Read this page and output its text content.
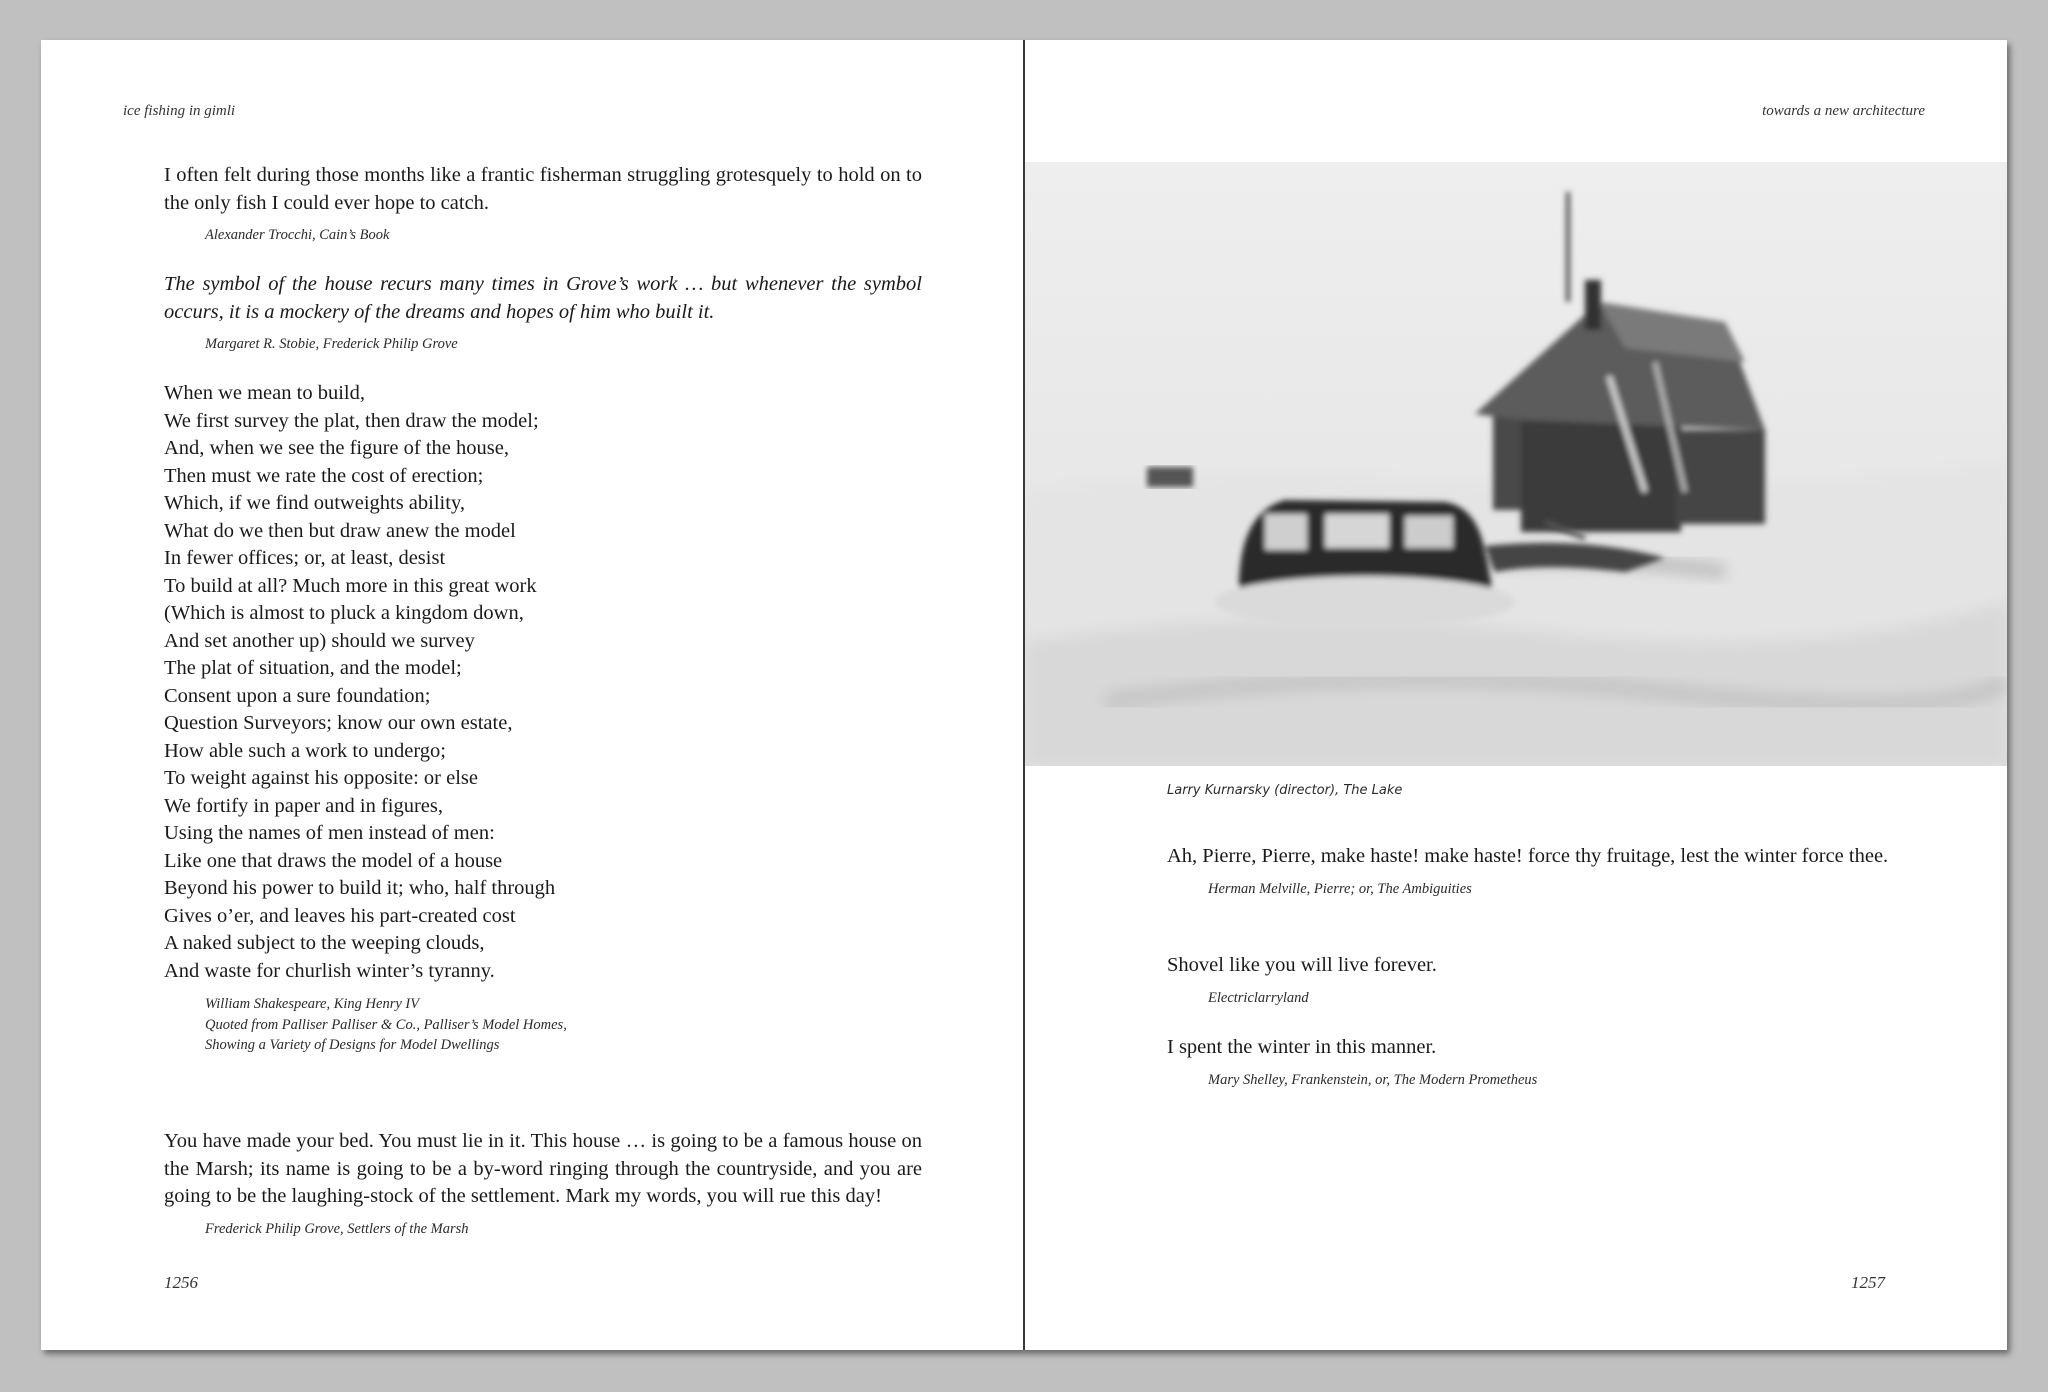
ice fishing in gimli

I often felt during those months like a frantic fisherman struggling grotesquely to hold on to the only fish I could ever hope to catch.

Alexander Trocchi, Cain’s Book

The symbol of the house recurs many times in Grove’s work … but whenever the symbol occurs, it is a mockery of the dreams and hopes of him who built it.

Margaret R. Stobie, Frederick Philip Grove
When we mean to build,
We first survey the plat, then draw the model;
And, when we see the figure of the house,
Then must we rate the cost of erection;
Which, if we find outweights ability,
What do we then but draw anew the model
In fewer offices; or, at least, desist
To build at all? Much more in this great work
(Which is almost to pluck a kingdom down,
And set another up) should we survey
The plat of situation, and the model;
Consent upon a sure foundation;
Question Surveyors; know our own estate,
How able such a work to undergo;
To weight against his opposite: or else
We fortify in paper and in figures,
Using the names of men instead of men:
Like one that draws the model of a house
Beyond his power to build it; who, half through
Gives o’er, and leaves his part-created cost
A naked subject to the weeping clouds,
And waste for churlish winter’s tyranny.
William Shakespeare, King Henry IV
Quoted from Palliser Palliser & Co., Palliser’s Model Homes,
Showing a Variety of Designs for Model Dwellings

You have made your bed. You must lie in it. This house … is going to be a famous house on the Marsh; its name is going to be a by-word ringing through the countryside, and you are going to be the laughing-stock of the settlement. Mark my words, you will rue this day!

Frederick Philip Grove, Settlers of the Marsh
1256
towards a new architecture
Larry Kurnarsky (director), The Lake

Ah, Pierre, Pierre, make haste! make haste! force thy fruitage, lest the winter force thee.

Herman Melville, Pierre; or, The Ambiguities

Shovel like you will live forever.

Electriclarryland

I spent the winter in this manner.

Mary Shelley, Frankenstein, or, The Modern Prometheus
1257
